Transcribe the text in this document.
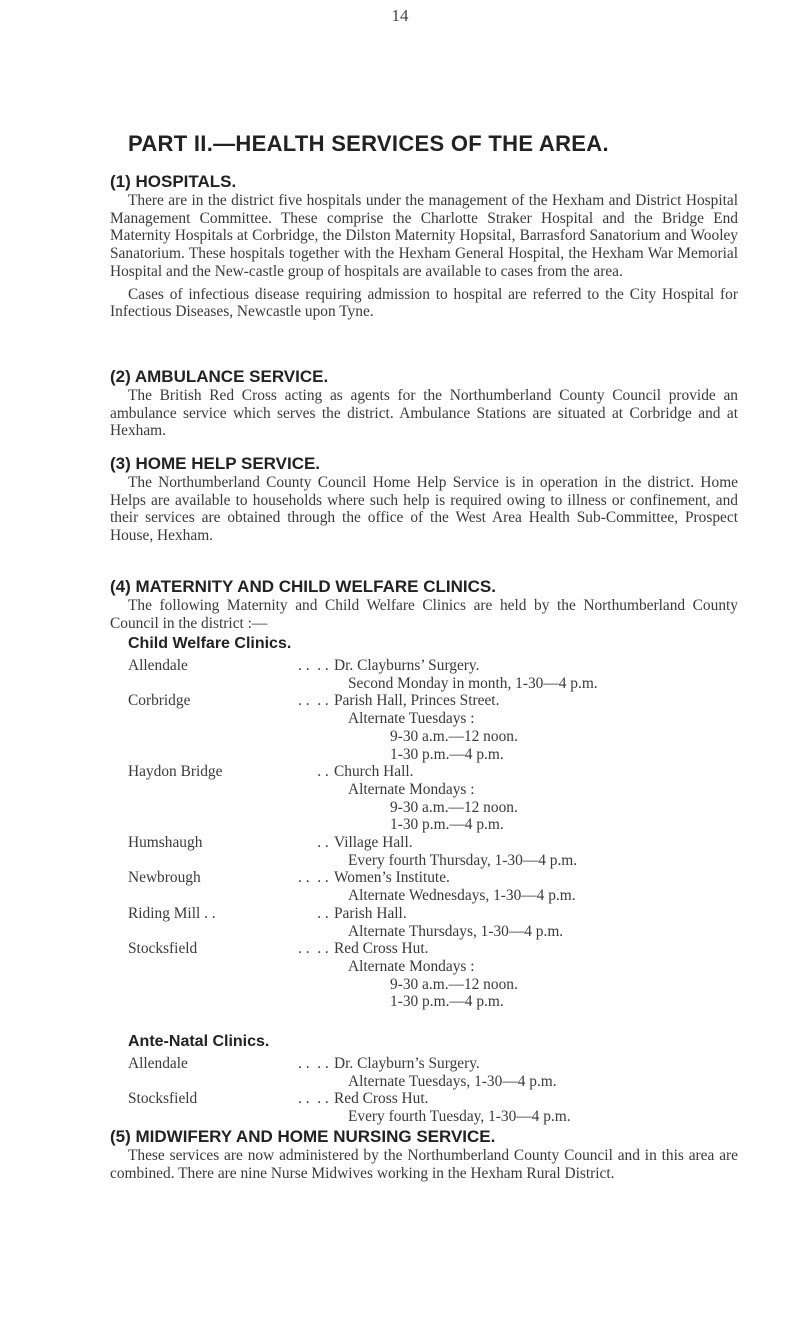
14
PART II.—HEALTH SERVICES OF THE AREA.
(1) HOSPITALS.

There are in the district five hospitals under the management of the Hexham and District Hospital Management Committee. These comprise the Charlotte Straker Hospital and the Bridge End Maternity Hospitals at Corbridge, the Dilston Maternity Hopsital, Barrasford Sanatorium and Wooley Sanatorium. These hospitals together with the Hexham General Hospital, the Hexham War Memorial Hospital and the New-castle group of hospitals are available to cases from the area.

Cases of infectious disease requiring admission to hospital are referred to the City Hospital for Infectious Diseases, Newcastle upon Tyne.

(2) AMBULANCE SERVICE.

The British Red Cross acting as agents for the Northumberland County Council provide an ambulance service which serves the district. Ambulance Stations are situated at Corbridge and at Hexham.

(3) HOME HELP SERVICE.

The Northumberland County Council Home Help Service is in operation in the district. Home Helps are available to households where such help is required owing to illness or confinement, and their services are obtained through the office of the West Area Health Sub-Committee, Prospect House, Hexham.

(4) MATERNITY AND CHILD WELFARE CLINICS.

The following Maternity and Child Welfare Clinics are held by the Northumberland County Council in the district :—

Child Welfare Clinics.
Allendale	. .  . . Dr. Clayburns’ Surgery.
Second Monday in month, 1-30—4 p.m.
Corbridge	. .  . . Parish Hall, Princes Street.
Alternate Tuesdays :
9-30 a.m.—12 noon.
1-30 p.m.—4 p.m.
Haydon Bridge	. . Church Hall.
Alternate Mondays :
9-30 a.m.—12 noon.
1-30 p.m.—4 p.m.
Humshaugh	. . Village Hall.
Every fourth Thursday, 1-30—4 p.m.
Newbrough	. .  . . Women’s Institute.
Alternate Wednesdays, 1-30—4 p.m.
Riding Mill . .	. . Parish Hall.
Alternate Thursdays, 1-30—4 p.m.
Stocksfield	. .  . . Red Cross Hut.
Alternate Mondays :
9-30 a.m.—12 noon.
1-30 p.m.—4 p.m.
Ante-Natal Clinics.
Allendale	. .  . . Dr. Clayburn’s Surgery.
Alternate Tuesdays, 1-30—4 p.m.
Stocksfield	. .  . . Red Cross Hut.
Every fourth Tuesday, 1-30—4 p.m.
(5) MIDWIFERY AND HOME NURSING SERVICE.

These services are now administered by the Northumberland County Council and in this area are combined. There are nine Nurse Midwives working in the Hexham Rural District.
